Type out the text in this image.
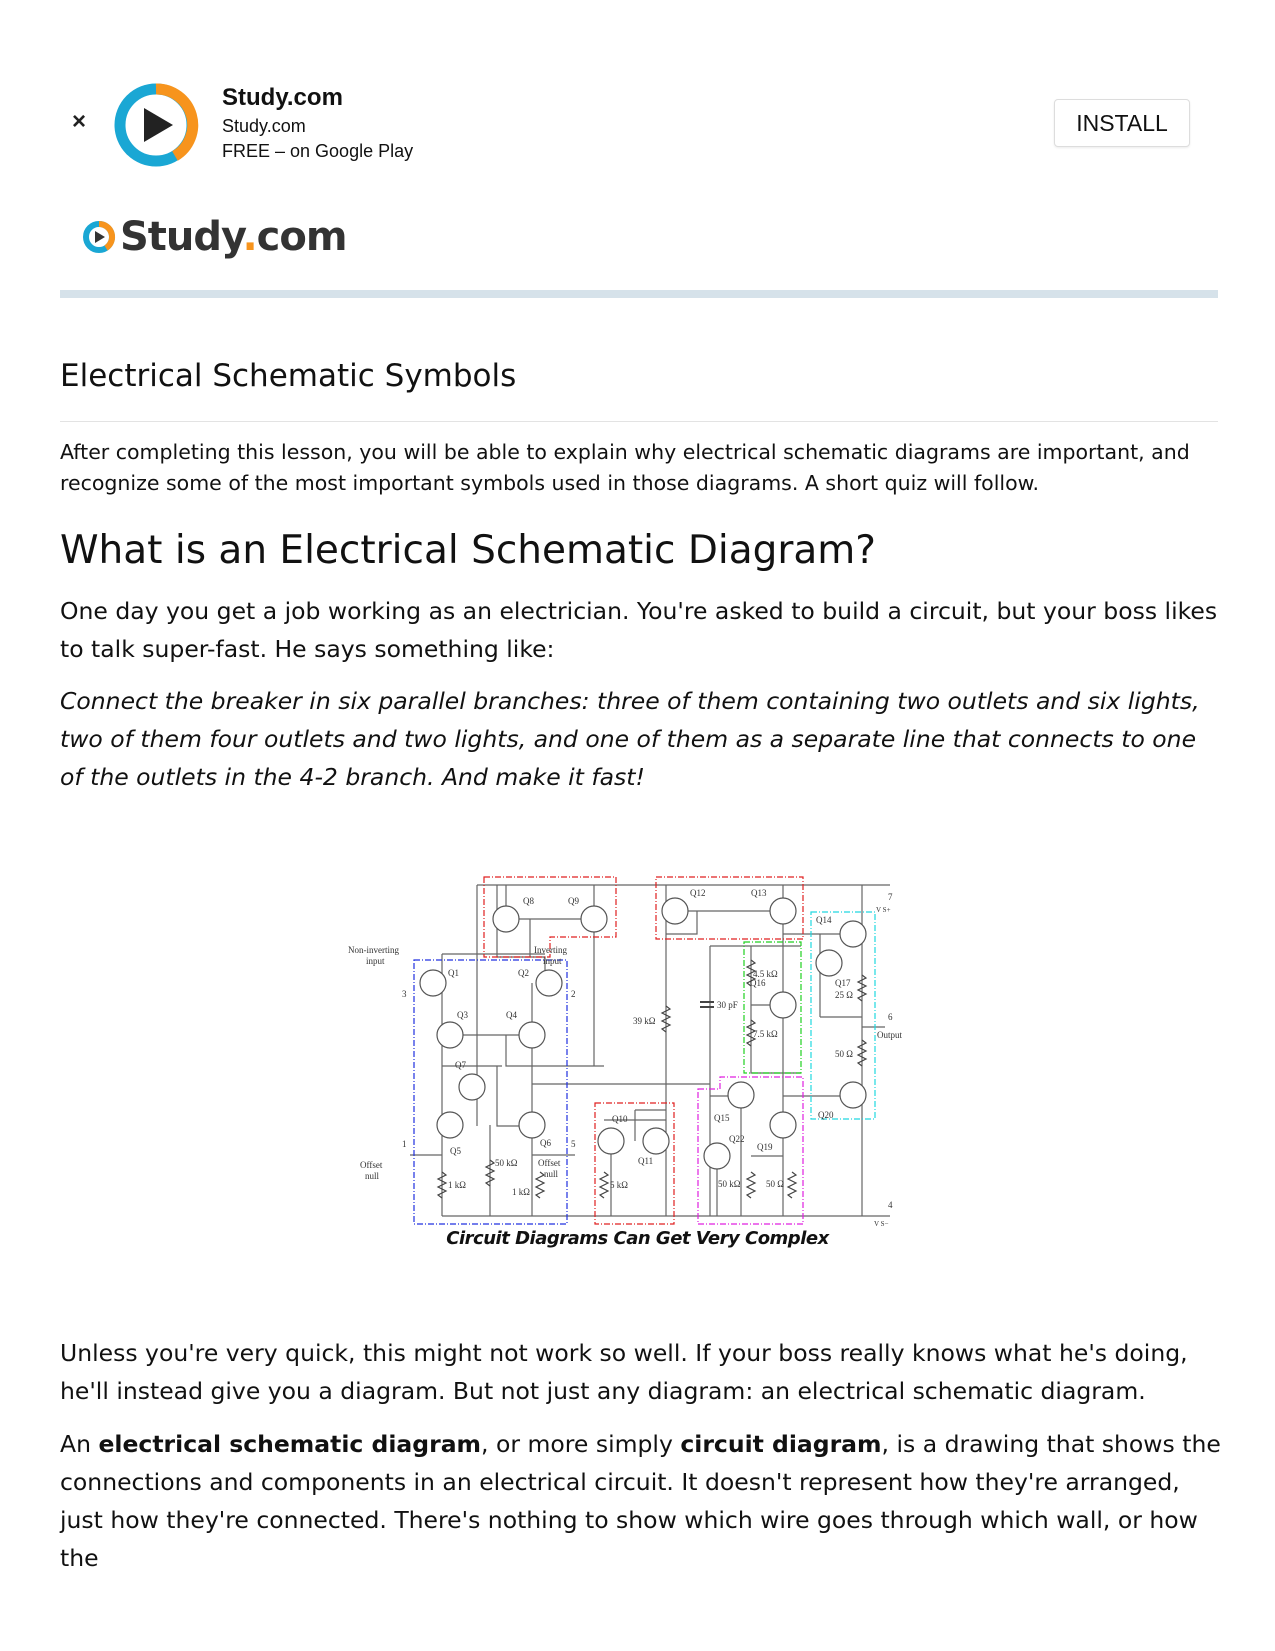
×
Study.com
Study.com
FREE – on Google Play
INSTALL
Study.com
Electrical Schematic Symbols

After completing this lesson, you will be able to explain why electrical schematic diagrams are important, and recognize some of the most important symbols used in those diagrams. A short quiz will follow.

What is an Electrical Schematic Diagram?

One day you get a job working as an electrician. You're asked to build a circuit, but your boss likes to talk super-fast. He says something like:

Connect the breaker in six parallel branches: three of them containing two outlets and six lights, two of them four outlets and two lights, and one of them as a separate line that connects to one of the outlets in the 4-2 branch. And make it fast!

Q8	Q9
Q12	Q13
Q14
Q17
25 Ω
Q1	Q2
Q3	Q4
Q7
Q5
Q6
Q10
Q11
Q16
4.5 kΩ
7.5 kΩ
30 pF
39 kΩ
Q15
Q22
Q19
Q20
50 Ω
50 kΩ	50 Ω
50 kΩ
1 kΩ
1 kΩ
5 kΩ
Non-inverting
input
Inverting
input
Offset
null
Offset
null
3	2
1	5
7
6
4
Output
V S+
V S−
Circuit Diagrams Can Get Very Complex

Unless you're very quick, this might not work so well. If your boss really knows what he's doing, he'll instead give you a diagram. But not just any diagram: an electrical schematic diagram.

An electrical schematic diagram, or more simply circuit diagram, is a drawing that shows the connections and components in an electrical circuit. It doesn't represent how they're arranged, just how they're connected. There's nothing to show which wire goes through which wall, or how the
